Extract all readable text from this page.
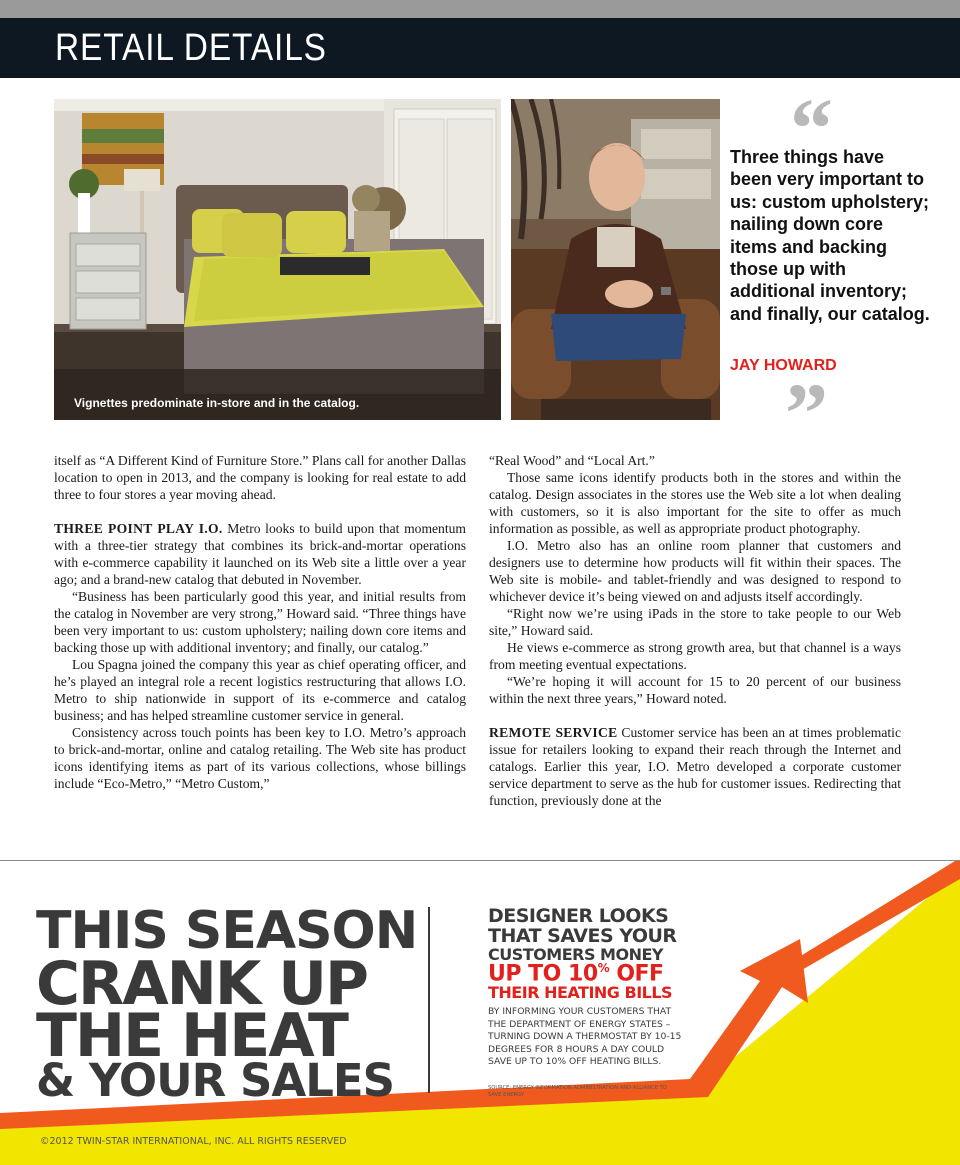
RETAIL DETAILS
Vignettes predominate in-store and in the catalog.
“

Three things have been very important to us: custom upholstery; nailing down core items and backing those up with additional inventory; and finally, our catalog.

JAY HOWARD
”

itself as “A Different Kind of Furniture Store.” Plans call for another Dallas location to open in 2013, and the company is looking for real estate to add three to four stores a year moving ahead.

THREE POINT PLAY I.O. Metro looks to build upon that momentum with a three-tier strategy that combines its brick-and-mortar operations with e-commerce capability it launched on its Web site a little over a year ago; and a brand-new catalog that debuted in November.

“Business has been particularly good this year, and initial results from the catalog in November are very strong,” Howard said. “Three things have been very important to us: custom upholstery; nailing down core items and backing those up with additional inventory; and finally, our catalog.”

Lou Spagna joined the company this year as chief operating officer, and he’s played an integral role a recent logistics restructuring that allows I.O. Metro to ship nationwide in support of its e-commerce and catalog business; and has helped streamline customer service in general.

Consistency across touch points has been key to I.O. Metro’s approach to brick-and-mortar, online and catalog retailing. The Web site has product icons identifying items as part of its various collections, whose billings include “Eco-Metro,” “Metro Custom,”

“Real Wood” and “Local Art.”

Those same icons identify products both in the stores and within the catalog. Design associates in the stores use the Web site a lot when dealing with customers, so it is also important for the site to offer as much information as possible, as well as appropriate product photography.

I.O. Metro also has an online room planner that customers and designers use to determine how products will fit within their spaces. The Web site is mobile- and tablet-friendly and was designed to respond to whichever device it’s being viewed on and adjusts itself accordingly.

“Right now we’re using iPads in the store to take people to our Web site,” Howard said.

He views e-commerce as strong growth area, but that channel is a ways from meeting eventual expectations.

“We’re hoping it will account for 15 to 20 percent of our business within the next three years,” Howard noted.

REMOTE SERVICE Customer service has been an at times problematic issue for retailers looking to expand their reach through the Internet and catalogs. Earlier this year, I.O. Metro developed a corporate customer service department to serve as the hub for customer issues. Redirecting that function, previously done at the

THIS SEASON
CRANK UP
THE HEAT
& YOUR SALES
DESIGNER LOOKS
THAT SAVES YOUR
CUSTOMERS MONEY
UP TO 10% OFF
THEIR HEATING BILLS

BY INFORMING YOUR CUSTOMERS THAT THE DEPARTMENT OF ENERGY STATES – TURNING DOWN A THERMOSTAT BY 10-15 DEGREES FOR 8 HOURS A DAY COULD SAVE UP TO 10% OFF HEATING BILLS.

SOURCE: ENERGY INFORMATION ADMINISTRATION AND ALLIANCE TO SAVE ENERGY

©2012 TWIN-STAR INTERNATIONAL, INC. ALL RIGHTS RESERVED
